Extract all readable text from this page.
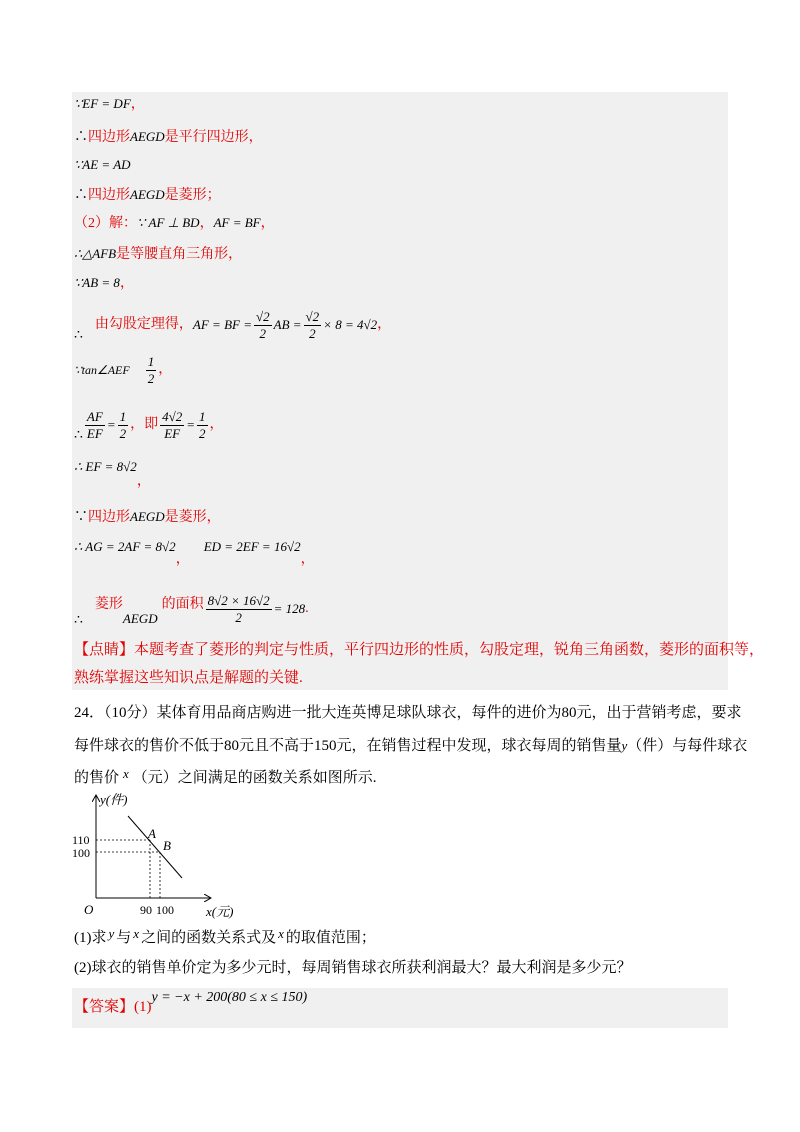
∵EF = DF，
∴四边形AEGD是平行四边形，
∵AE = AD
∴四边形AEGD是菱形；
（2）解：∵ AF ⊥ BD，AF = BF，
∴△AFB是等腰直角三角形，
∵AB = 8，
∴
由勾股定理得， AF = BF = $\frac{√2}{2}$ AB = $\frac{√2}{2} \times 8 = 4√2$ ，
∵tan∠AEF $\frac{1}{2}$ ，
∴ $\frac{AF}{EF} = \frac{1}{2}$ ，即 $\frac{4√2}{EF} = \frac{1}{2}$ ，
∴ EF = 8√2，
∵四边形AEGD是菱形，
∴ AG = 2AF = 8√2，ED = 2EF = 16√2，
∴
菱形
AEGD
的面积 $\frac{8√2 \times 16√2}{2} = 128$ .
【点睛】本题考查了菱形的判定与性质，平行四边形的性质，勾股定理，锐角三角函数，菱形的面积等，
熟练掌握这些知识点是解题的关键.
24．（10分）某体育用品商店购进一批大连英博足球队球衣，每件的进价为80元，出于营销考虑，要求
每件球衣的售价不低于80元且不高于150元，在销售过程中发现，球衣每周的销售量y（件）与每件球衣
的售价 x （元）之间满足的函数关系如图所示.
y(件)
x(元)
O
110
100
90 100
A
B
(1)求 y 与 x 之间的函数关系式及 x 的取值范围；
(2)球衣的销售单价定为多少元时，每周销售球衣所获利润最大？最大利润是多少元？
【答案】(1)y = −x + 200(80 ≤ x ≤ 150)
